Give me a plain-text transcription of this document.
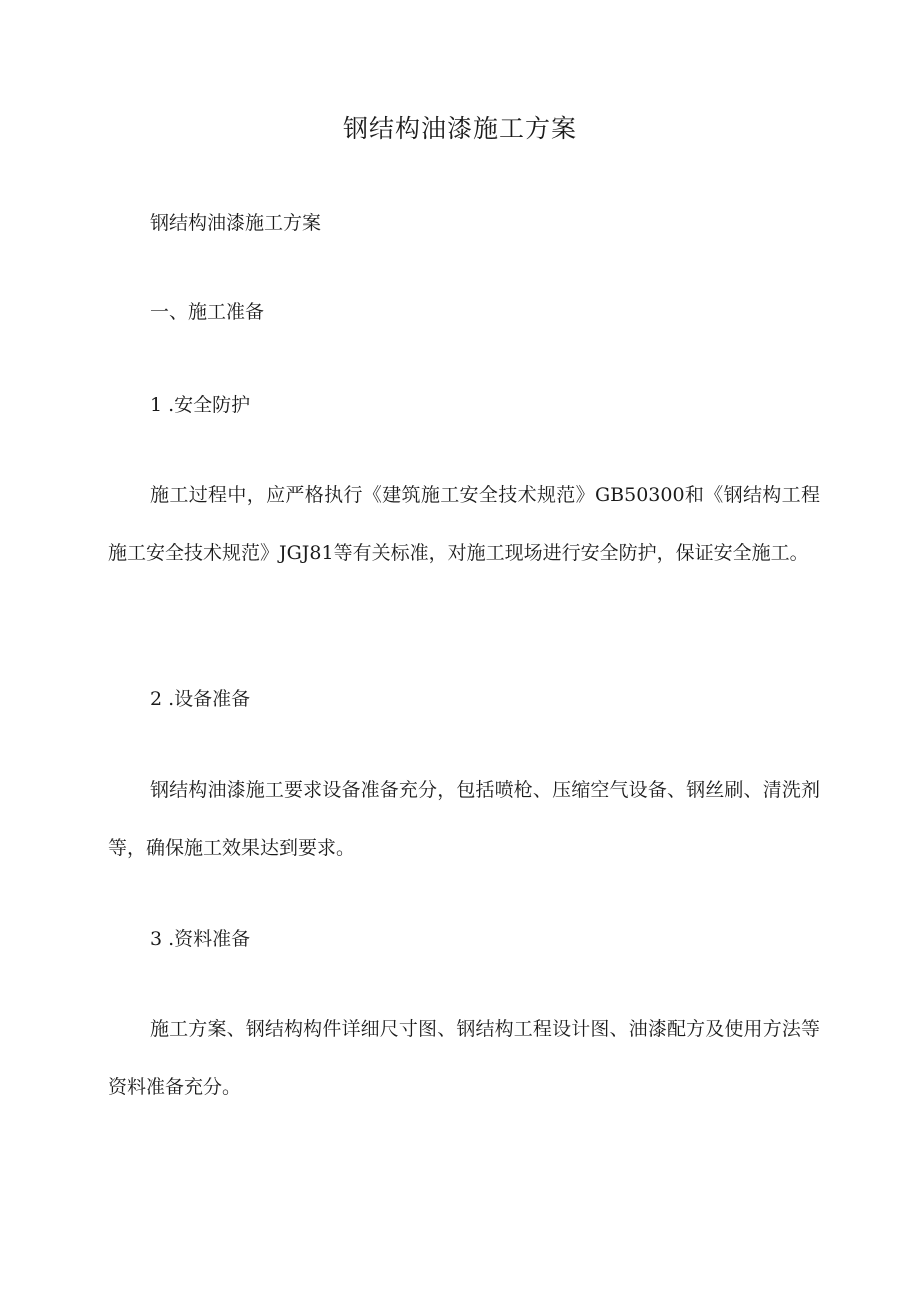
钢结构油漆施工方案

钢结构油漆施工方案

一、施工准备

1 .安全防护

施工过程中，应严格执行《建筑施工安全技术规范》GB50300和《钢结构工程施工安全技术规范》JGJ81等有关标准，对施工现场进行安全防护，保证安全施工。

2 .设备准备

钢结构油漆施工要求设备准备充分，包括喷枪、压缩空气设备、钢丝刷、清洗剂等，确保施工效果达到要求。

3 .资料准备

施工方案、钢结构构件详细尺寸图、钢结构工程设计图、油漆配方及使用方法等资料准备充分。
